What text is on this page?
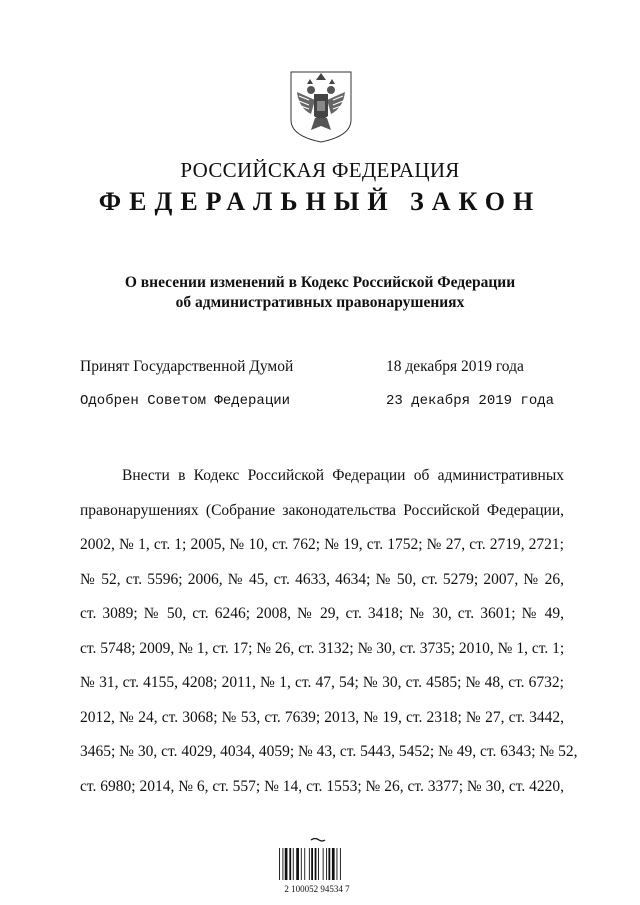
РОССИЙСКАЯ ФЕДЕРАЦИЯ
ФЕДЕРАЛЬНЫЙ ЗАКОН
О внесении изменений в Кодекс Российской Федерации
об административных правонарушениях
Принят Государственной Думой	18 декабря 2019 года
Одобрен Советом Федерации	23 декабря 2019 года
Внести в Кодекс Российской Федерации об административных
правонарушениях (Собрание законодательства Российской Федерации,
2002, № 1, ст. 1; 2005, № 10, ст. 762; № 19, ст. 1752; № 27, ст. 2719, 2721;
№ 52, ст. 5596; 2006, № 45, ст. 4633, 4634; № 50, ст. 5279; 2007, № 26,
ст. 3089; № 50, ст. 6246; 2008, № 29, ст. 3418; № 30, ст. 3601; № 49,
ст. 5748; 2009, № 1, ст. 17; № 26, ст. 3132; № 30, ст. 3735; 2010, № 1, ст. 1;
№ 31, ст. 4155, 4208; 2011, № 1, ст. 47, 54; № 30, ст. 4585; № 48, ст. 6732;
2012, № 24, ст. 3068; № 53, ст. 7639; 2013, № 19, ст. 2318; № 27, ст. 3442,
3465; № 30, ст. 4029, 4034, 4059; № 43, ст. 5443, 5452; № 49, ст. 6343; № 52,
ст. 6980; 2014, № 6, ст. 557; № 14, ст. 1553; № 26, ст. 3377; № 30, ст. 4220,
2 100052 94534 7
